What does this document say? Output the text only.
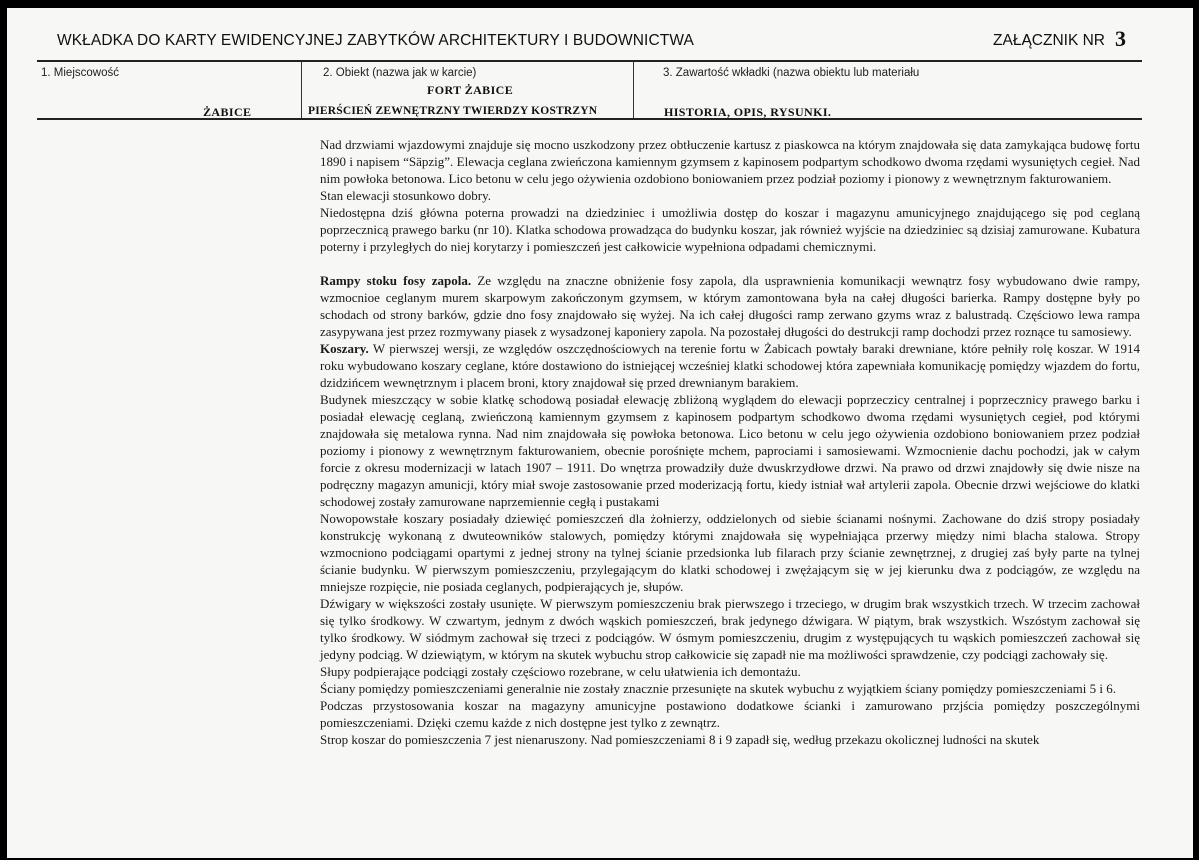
WKŁADKA DO KARTY EWIDENCYJNEJ ZABYTKÓW ARCHITEKTURY I BUDOWNICTWA	ZAŁĄCZNIK NR 3
1. Miejscowość
ŻABICE
2. Obiekt (nazwa jak w karcie)
FORT ŻABICE
PIERŚCIEŃ ZEWNĘTRZNY TWIERDZY KOSTRZYN
3. Zawartość wkładki (nazwa obiektu lub materiału
HISTORIA, OPIS, RYSUNKI.

Nad drzwiami wjazdowymi znajduje się mocno uszkodzony przez obtłuczenie kartusz z piaskowca na którym znajdowała się data zamykająca budowę fortu 1890 i napisem “Säpzig”. Elewacja ceglana zwieńczona kamiennym gzymsem z kapinosem podpartym schodkowo dwoma rzędami wysuniętych cegieł. Nad nim powłoka betonowa. Lico betonu w celu jego ożywienia ozdobiono boniowaniem przez podział poziomy i pionowy z wewnętrznym fakturowaniem.

Stan elewacji stosunkowo dobry.

Niedostępna dziś główna poterna prowadzi na dziedziniec i umożliwia dostęp do koszar i magazynu amunicyjnego znajdującego się pod ceglaną poprzecznicą prawego barku (nr 10). Klatka schodowa prowadząca do budynku koszar, jak również wyjście na dziedziniec są dzisiaj zamurowane. Kubatura poterny i przyległych do niej korytarzy i pomieszczeń jest całkowicie wypełniona odpadami chemicznymi.

Rampy stoku fosy zapola. Ze względu na znaczne obniżenie fosy zapola, dla usprawnienia komunikacji wewnątrz fosy wybudowano dwie rampy, wzmocnioe ceglanym murem skarpowym zakończonym gzymsem, w którym zamontowana była na całej długości barierka. Rampy dostępne były po schodach od strony barków, gdzie dno fosy znajdowało się wyżej. Na ich całej długości ramp zerwano gzyms wraz z balustradą. Częściowo lewa rampa zasypywana jest przez rozmywany piasek z wysadzonej kaponiery zapola. Na pozostałej długości do destrukcji ramp dochodzi przez roznące tu samosiewy.

Koszary. W pierwszej wersji, ze względów oszczędnościowych na terenie fortu w Żabicach powtały baraki drewniane, które pełniły rolę koszar. W 1914 roku wybudowano koszary ceglane, które dostawiono do istniejącej wcześniej klatki schodowej która zapewniała komunikację pomiędzy wjazdem do fortu, dzidzińcem wewnętrznym i placem broni, ktory znajdował się przed drewnianym barakiem.

Budynek mieszczący w sobie klatkę schodową posiadał elewację zbliżoną wyglądem do elewacji poprzeczicy centralnej i poprzecznicy prawego barku i posiadał elewację ceglaną, zwieńczoną kamiennym gzymsem z kapinosem podpartym schodkowo dwoma rzędami wysuniętych cegieł, pod którymi znajdowała się metalowa rynna. Nad nim znajdowała się powłoka betonowa. Lico betonu w celu jego ożywienia ozdobiono boniowaniem przez podział poziomy i pionowy z wewnętrznym fakturowaniem, obecnie porośnięte mchem, paprociami i samosiewami. Wzmocnienie dachu pochodzi, jak w całym forcie z okresu modernizacji w latach 1907 – 1911. Do wnętrza prowadziły duże dwuskrzydłowe drzwi. Na prawo od drzwi znajdowły się dwie nisze na podręczny magazyn amunicji, który miał swoje zastosowanie przed moderizacją fortu, kiedy istniał wał artylerii zapola. Obecnie drzwi wejściowe do klatki schodowej zostały zamurowane naprzemiennie cegłą i pustakami

Nowopowstałe koszary posiadały dziewięć pomieszczeń dla żołnierzy, oddzielonych od siebie ścianami nośnymi. Zachowane do dziś stropy posiadały konstrukcję wykonaną z dwuteowników stalowych, pomiędzy którymi znajdowała się wypełniająca przerwy między nimi blacha stalowa. Stropy wzmocniono podciągami opartymi z jednej strony na tylnej ścianie przedsionka lub filarach przy ścianie zewnętrznej, z drugiej zaś były parte na tylnej ścianie budynku. W pierwszym pomieszczeniu, przylegającym do klatki schodowej i zwężającym się w jej kierunku dwa z podciągów, ze względu na mniejsze rozpięcie, nie posiada ceglanych, podpierających je, słupów.

Dźwigary w większości zostały usunięte. W pierwszym pomieszczeniu brak pierwszego i trzeciego, w drugim brak wszystkich trzech. W trzecim zachował się tylko środkowy. W czwartym, jednym z dwóch wąskich pomieszczeń, brak jedynego dźwigara. W piątym, brak wszystkich. Wszóstym zachował się tylko środkowy. W siódmym zachował się trzeci z podciągów. W ósmym pomieszczeniu, drugim z występujących tu wąskich pomieszczeń zachował się jedyny podciąg. W dziewiątym, w którym na skutek wybuchu strop całkowicie się zapadł nie ma możliwości sprawdzenie, czy podciągi zachowały się.

Słupy podpierające podciągi zostały częściowo rozebrane, w celu ułatwienia ich demontażu.

Ściany pomiędzy pomieszczeniami generalnie nie zostały znacznie przesunięte na skutek wybuchu z wyjątkiem ściany pomiędzy pomieszczeniami 5 i 6.

Podczas przystosowania koszar na magazyny amunicyjne postawiono dodatkowe ścianki i zamurowano przjścia pomiędzy poszczególnymi pomieszczeniami. Dzięki czemu każde z nich dostępne jest tylko z zewnątrz.

Strop koszar do pomieszczenia 7 jest nienaruszony. Nad pomieszczeniami 8 i 9 zapadł się, według przekazu okolicznej ludności na skutek
